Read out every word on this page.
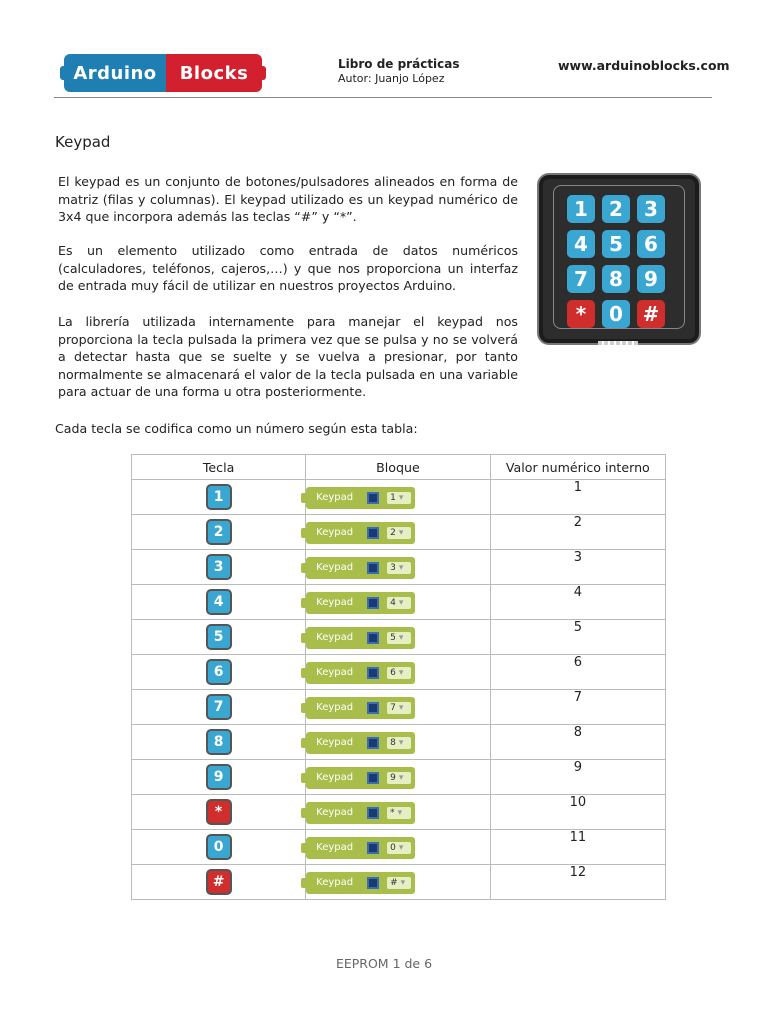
Arduino	Blocks	Libro de prácticas
Autor: Juanjo López
www.arduinoblocks.com
Keypad

El keypad es un conjunto de botones/pulsadores alineados en forma de matriz (filas y columnas). El keypad utilizado es un keypad numérico de 3x4 que incorpora además las teclas “#” y “*”.

Es un elemento utilizado como entrada de datos numéricos (calculadores, teléfonos, cajeros,…) y que nos proporciona un interfaz de entrada muy fácil de utilizar en nuestros proyectos Arduino.

La librería utilizada internamente para manejar el keypad nos proporciona la tecla pulsada la primera vez que se pulsa y no se volverá a detectar hasta que se suelte y se vuelva a presionar, por tanto normalmente se almacenará el valor de la tecla pulsada en una variable para actuar de una forma u otra posteriormente.

1	2	3
4	5	6
7	8	9
*	0 #

Cada tecla se codifica como un número según esta tabla:

Tecla	Bloque	Valor numérico interno
1	Keypad 1 ▾	1
2	Keypad 2 ▾	2
3	Keypad 3 ▾	3
4	Keypad 4 ▾	4
5	Keypad 5 ▾	5
6	Keypad 6 ▾	6
7	Keypad 7 ▾	7
8	Keypad 8 ▾	8
9	Keypad 9 ▾	9
*	Keypad * ▾	10
0	Keypad 0 ▾	11
#	Keypad # ▾	12
EEPROM 1 de 6
